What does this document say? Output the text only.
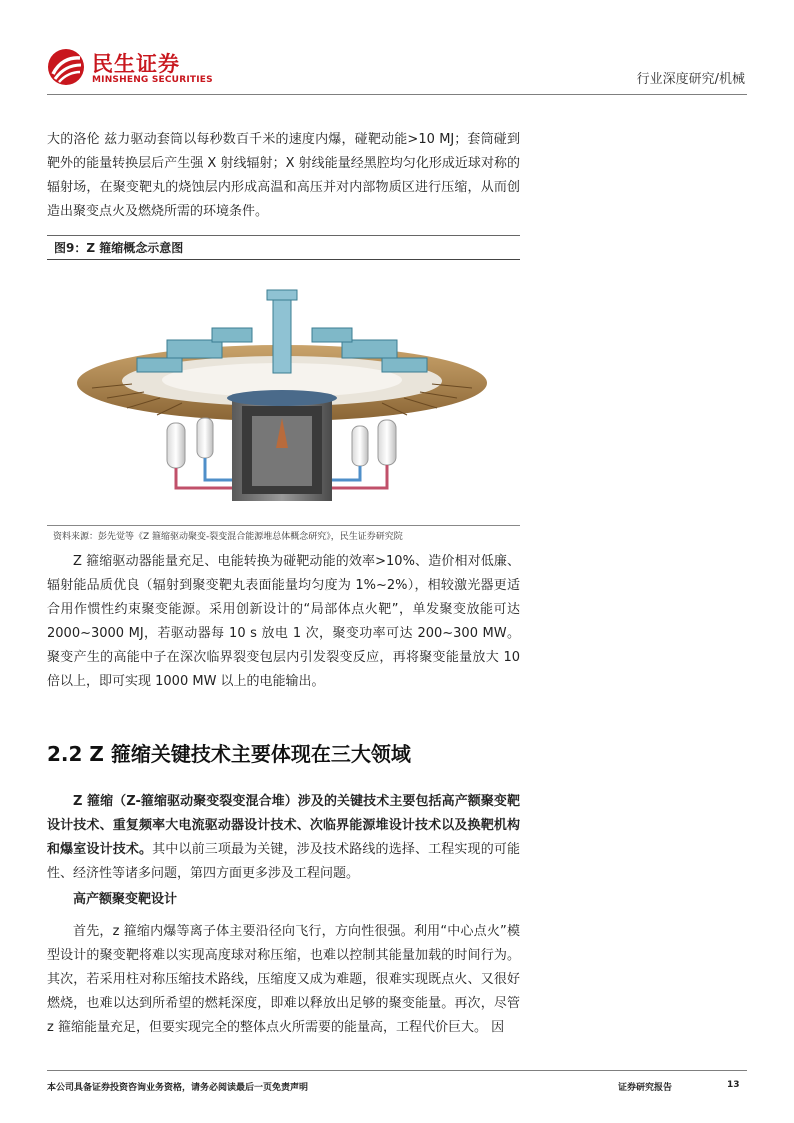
民生证券
MINSHENG SECURITIES	行业深度研究/机械

大的洛伦 兹力驱动套筒以每秒数百千米的速度内爆，碰靶动能>10 MJ；套筒碰到靶外的能量转换层后产生强 X 射线辐射；X 射线能量经黑腔均匀化形成近球对称的辐射场，在聚变靶丸的烧蚀层内形成高温和高压并对内部物质区进行压缩，从而创造出聚变点火及燃烧所需的环境条件。

图9：Z 箍缩概念示意图
资料来源：彭先觉等《Z 箍缩驱动聚变-裂变混合能源堆总体概念研究》，民生证券研究院

Z 箍缩驱动器能量充足、电能转换为碰靶动能的效率>10%、造价相对低廉、辐射能品质优良（辐射到聚变靶丸表面能量均匀度为 1%~2%），相较激光器更适合用作惯性约束聚变能源。采用创新设计的“局部体点火靶”，单发聚变放能可达 2000~3000 MJ，若驱动器每 10 s 放电 1 次，聚变功率可达 200~300 MW。聚变产生的高能中子在深次临界裂变包层内引发裂变反应，再将聚变能量放大 10 倍以上，即可实现 1000 MW 以上的电能输出。

2.2 Z 箍缩关键技术主要体现在三大领域

Z 箍缩（Z-箍缩驱动聚变裂变混合堆）涉及的关键技术主要包括高产额聚变靶设计技术、重复频率大电流驱动器设计技术、次临界能源堆设计技术以及换靶机构和爆室设计技术。其中以前三项最为关键，涉及技术路线的选择、工程实现的可能性、经济性等诸多问题，第四方面更多涉及工程问题。

高产额聚变靶设计

首先，z 箍缩内爆等离子体主要沿径向飞行，方向性很强。利用“中心点火”模型设计的聚变靶将难以实现高度球对称压缩，也难以控制其能量加载的时间行为。其次，若采用柱对称压缩技术路线，压缩度又成为难题，很难实现既点火、又很好燃烧，也难以达到所希望的燃耗深度，即难以释放出足够的聚变能量。再次，尽管 z 箍缩能量充足，但要实现完全的整体点火所需要的能量高，工程代价巨大。 因

本公司具备证券投资咨询业务资格，请务必阅读最后一页免责声明	证券研究报告	13
